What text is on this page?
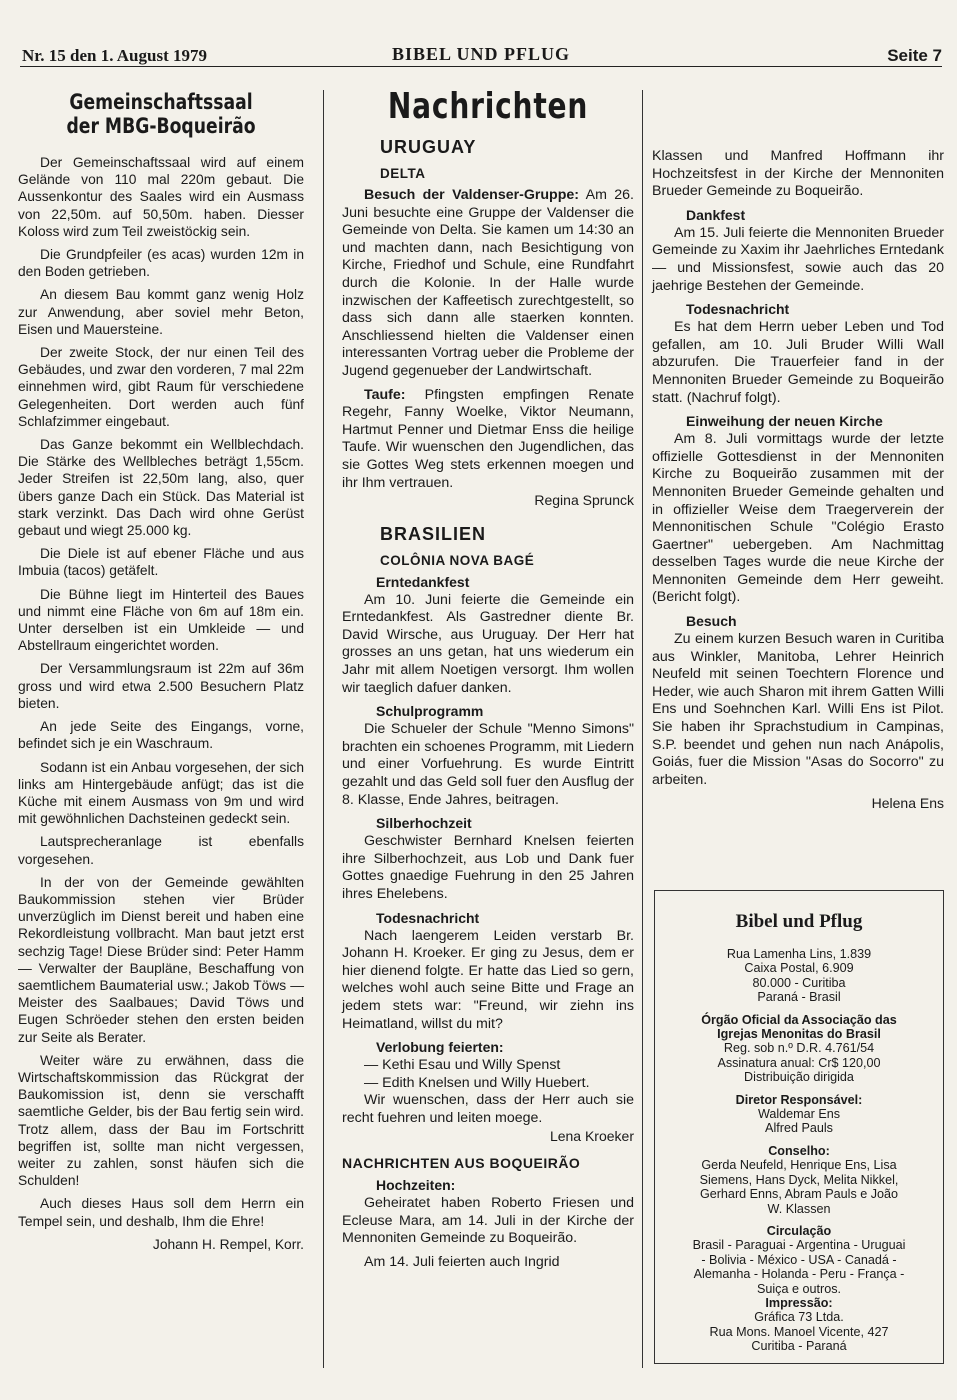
Nr. 15 den 1. August 1979	BIBEL UND PFLUG	Seite 7
Gemeinschaftssaal
der MBG-Boqueirão

Der Gemeinschaftssaal wird auf einem Gelände von 110 mal 220m gebaut. Die Aussenkontur des Saales wird ein Ausmass von 22,50m. auf 50,50m. haben. Diesser Koloss wird zum Teil zweistöckig sein.

Die Grundpfeiler (es acas) wurden 12m in den Boden getrieben.

An diesem Bau kommt ganz wenig Holz zur Anwendung, aber soviel mehr Beton, Eisen und Mauersteine.

Der zweite Stock, der nur einen Teil des Gebäudes, und zwar den vorderen, 7 mal 22m einnehmen wird, gibt Raum für verschiedene Gelegenheiten. Dort werden auch fünf Schlafzimmer eingebaut.

Das Ganze bekommt ein Wellblechdach. Die Stärke des Wellbleches beträgt 1,55cm. Jeder Streifen ist 22,50m lang, also, quer übers ganze Dach ein Stück. Das Material ist stark verzinkt. Das Dach wird ohne Gerüst gebaut und wiegt 25.000 kg.

Die Diele ist auf ebener Fläche und aus Imbuia (tacos) getäfelt.

Die Bühne liegt im Hinterteil des Baues und nimmt eine Fläche von 6m auf 18m ein. Unter derselben ist ein Umkleide — und Abstellraum eingerichtet worden.

Der Versammlungsraum ist 22m auf 36m gross und wird etwa 2.500 Besuchern Platz bieten.

An jede Seite des Eingangs, vorne, befindet sich je ein Waschraum.

Sodann ist ein Anbau vorgesehen, der sich links am Hintergebäude anfügt; das ist die Küche mit einem Ausmass von 9m und wird mit gewöhnlichen Dachsteinen gedeckt sein.

Lautsprecheranlage ist ebenfalls vorgesehen.

In der von der Gemeinde gewählten Baukommission stehen vier Brüder unverzüglich im Dienst bereit und haben eine Rekordleistung vollbracht. Man baut jetzt erst sechzig Tage! Diese Brüder sind: Peter Hamm — Verwalter der Baupläne, Beschaffung von saemtlichem Baumaterial usw.; Jakob Töws — Meister des Saalbaues; David Töws und Eugen Schröeder stehen den ersten beiden zur Seite als Berater.

Weiter wäre zu erwähnen, dass die Wirtschaftskommission das Rückgrat der Baukomission ist, denn sie verschafft saemtliche Gelder, bis der Bau fertig sein wird. Trotz allem, dass der Bau im Fortschritt begriffen ist, sollte man nicht vergessen, weiter zu zahlen, sonst häufen sich die Schulden!

Auch dieses Haus soll dem Herrn ein Tempel sein, und deshalb, Ihm die Ehre!

Johann H. Rempel, Korr.

Nachrichten
URUGUAY
DELTA

Besuch der Valdenser-Gruppe: Am 26. Juni besuchte eine Gruppe der Valdenser die Gemeinde von Delta. Sie kamen um 14:30 an und machten dann, nach Besichtigung von Kirche, Friedhof und Schule, eine Rundfahrt durch die Kolonie. In der Halle wurde inzwischen der Kaffeetisch zurechtgestellt, so dass sich dann alle staerken konnten. Anschliessend hielten die Valdenser einen interessanten Vortrag ueber die Probleme der Jugend gegenueber der Landwirtschaft.

Taufe: Pfingsten empfingen Renate Regehr, Fanny Woelke, Viktor Neumann, Hartmut Penner und Dietmar Enss die heilige Taufe. Wir wuenschen den Jugendlichen, das sie Gottes Weg stets erkennen moegen und ihr Ihm vertrauen.

Regina Sprunck

BRASILIEN
COLÔNIA NOVA BAGÉ
Erntedankfest

Am 10. Juni feierte die Gemeinde ein Erntedankfest. Als Gastredner diente Br. David Wirsche, aus Uruguay. Der Herr hat grosses an uns getan, hat uns wiederum ein Jahr mit allem Noetigen versorgt. Ihm wollen wir taeglich dafuer danken.

Schulprogramm

Die Schueler der Schule "Menno Simons" brachten ein schoenes Programm, mit Liedern und einer Vorfuehrung. Es wurde Eintritt gezahlt und das Geld soll fuer den Ausflug der 8. Klasse, Ende Jahres, beitragen.

Silberhochzeit

Geschwister Bernhard Knelsen feierten ihre Silberhochzeit, aus Lob und Dank fuer Gottes gnaedige Fuehrung in den 25 Jahren ihres Ehelebens.

Todesnachricht

Nach laengerem Leiden verstarb Br. Johann H. Kroeker. Er ging zu Jesus, dem er hier dienend folgte. Er hatte das Lied so gern, welches wohl auch seine Bitte und Frage an jedem stets war: "Freund, wir ziehn ins Heimatland, willst du mit?

Verlobung feierten:

— Kethi Esau und Willy Spenst

— Edith Knelsen und Willy Huebert.

Wir wuenschen, dass der Herr auch sie recht fuehren und leiten moege.

Lena Kroeker

NACHRICHTEN AUS BOQUEIRÃO
Hochzeiten:

Geheiratet haben Roberto Friesen und Ecleuse Mara, am 14. Juli in der Kirche der Mennoniten Gemeinde zu Boqueirão.

Am 14. Juli feierten auch Ingrid

Klassen und Manfred Hoffmann ihr Hochzeitsfest in der Kirche der Mennoniten Brueder Gemeinde zu Boqueirão.

Dankfest

Am 15. Juli feierte die Mennoniten Brueder Gemeinde zu Xaxim ihr Jaehrliches Erntedank — und Missionsfest, sowie auch das 20 jaehrige Bestehen der Gemeinde.

Todesnachricht

Es hat dem Herrn ueber Leben und Tod gefallen, am 10. Juli Bruder Willi Wall abzurufen. Die Trauerfeier fand in der Mennoniten Brueder Gemeinde zu Boqueirão statt. (Nachruf folgt).

Einweihung der neuen Kirche

Am 8. Juli vormittags wurde der letzte offizielle Gottesdienst in der Mennoniten Kirche zu Boqueirão zusammen mit der Mennoniten Brueder Gemeinde gehalten und in offizieller Weise dem Traegerverein der Mennonitischen Schule "Colégio Erasto Gaertner" uebergeben. Am Nachmittag desselben Tages wurde die neue Kirche der Mennoniten Gemeinde dem Herr geweiht. (Bericht folgt).

Besuch

Zu einem kurzen Besuch waren in Curitiba aus Winkler, Manitoba, Lehrer Heinrich Neufeld mit seinen Toechtern Florence und Heder, wie auch Sharon mit ihrem Gatten Willi Ens und Soehnchen Karl. Willi Ens ist Pilot. Sie haben ihr Sprachstudium in Campinas, S.P. beendet und gehen nun nach Anápolis, Goiás, fuer die Mission "Asas do Socorro" zu arbeiten.

Helena Ens

Bibel und Pflug
Rua Lamenha Lins, 1.839
Caixa Postal, 6.909
80.000 - Curitiba
Paraná - Brasil
Órgão Oficial da Associação das
Igrejas Menonitas do Brasil
Reg. sob n.º D.R. 4.761/54
Assinatura anual: Cr$ 120,00
Distribuição dirigida
Diretor Responsável:
Waldemar Ens
Alfred Pauls
Conselho:
Gerda Neufeld, Henrique Ens, Lisa
Siemens, Hans Dyck, Melita Nikkel,
Gerhard Enns, Abram Pauls e João
W. Klassen
Circulação
Brasil - Paraguai - Argentina - Uruguai
- Bolivia - México - USA - Canadá -
Alemanha - Holanda - Peru - França -
Suiça e outros.
Impressão:
Gráfica 73 Ltda.
Rua Mons. Manoel Vicente, 427
Curitiba - Paraná
